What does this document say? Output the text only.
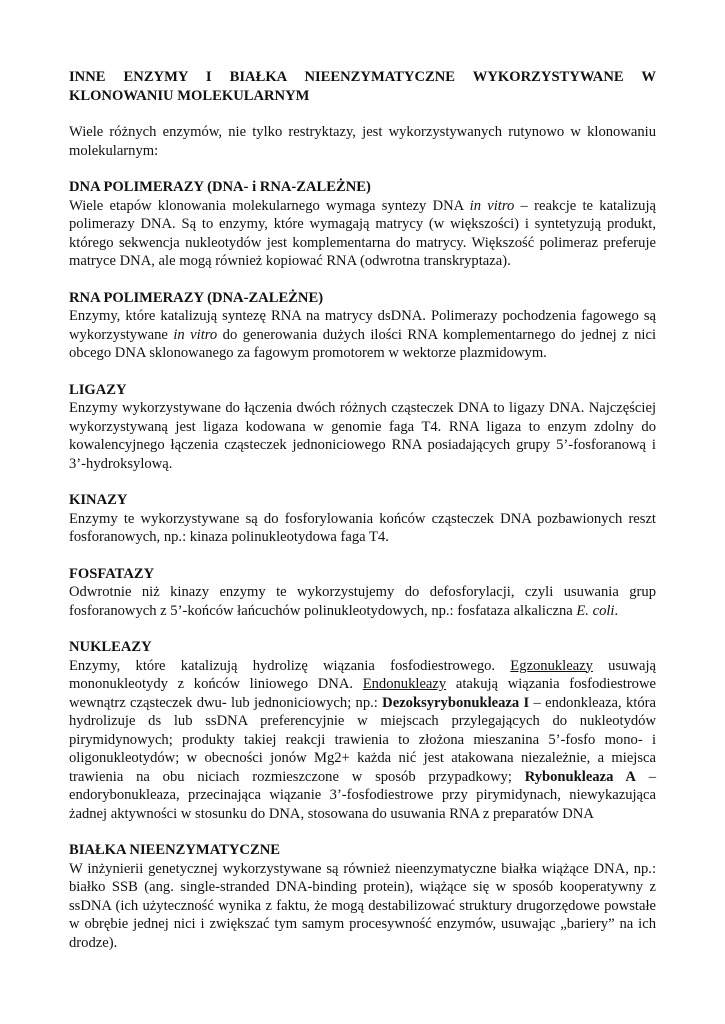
INNE ENZYMY I BIAŁKA NIEENZYMATYCZNE WYKORZYSTYWANE W KLONOWANIU MOLEKULARNYM

Wiele różnych enzymów, nie tylko restryktazy, jest wykorzystywanych rutynowo w klonowaniu molekularnym:

DNA POLIMERAZY (DNA- i RNA-ZALEŻNE)

Wiele etapów klonowania molekularnego wymaga syntezy DNA in vitro – reakcje te katalizują polimerazy DNA. Są to enzymy, które wymagają matrycy (w większości) i syntetyzują produkt, którego sekwencja nukleotydów jest komplementarna do matrycy. Większość polimeraz preferuje matryce DNA, ale mogą również kopiować RNA (odwrotna transkryptaza).

RNA POLIMERAZY (DNA-ZALEŻNE)

Enzymy, które katalizują syntezę RNA na matrycy dsDNA. Polimerazy pochodzenia fagowego są wykorzystywane in vitro do generowania dużych ilości RNA komplementarnego do jednej z nici obcego DNA sklonowanego za fagowym promotorem w wektorze plazmidowym.

LIGAZY

Enzymy wykorzystywane do łączenia dwóch różnych cząsteczek DNA to ligazy DNA. Najczęściej wykorzystywaną jest ligaza kodowana w genomie faga T4. RNA ligaza to enzym zdolny do kowalencyjnego łączenia cząsteczek jednoniciowego RNA posiadających grupy 5’-fosforanową i 3’-hydroksylową.

KINAZY

Enzymy te wykorzystywane są do fosforylowania końców cząsteczek DNA pozbawionych reszt fosforanowych, np.: kinaza polinukleotydowa faga T4.

FOSFATAZY

Odwrotnie niż kinazy enzymy te wykorzystujemy do defosforylacji, czyli usuwania grup fosforanowych z 5’-końców łańcuchów polinukleotydowych, np.: fosfataza alkaliczna E. coli.

NUKLEAZY

Enzymy, które katalizują hydrolizę wiązania fosfodiestrowego. Egzonukleazy usuwają mononukleotydy z końców liniowego DNA. Endonukleazy atakują wiązania fosfodiestrowe wewnątrz cząsteczek dwu- lub jednoniciowych; np.: Dezoksyrybonukleaza I – endonkleaza, która hydrolizuje ds lub ssDNA preferencyjnie w miejscach przylegających do nukleotydów pirymidynowych; produkty takiej reakcji trawienia to złożona mieszanina 5’-fosfo mono- i oligonukleotydów; w obecności jonów Mg2+ każda nić jest atakowana niezależnie, a miejsca trawienia na obu niciach rozmieszczone w sposób przypadkowy; Rybonukleaza A – endorybonukleaza, przecinająca wiązanie 3’-fosfodiestrowe przy pirymidynach, niewykazująca żadnej aktywności w stosunku do DNA, stosowana do usuwania RNA z preparatów DNA

BIAŁKA NIEENZYMATYCZNE

W inżynierii genetycznej wykorzystywane są również nieenzymatyczne białka wiążące DNA, np.: białko SSB (ang. single-stranded DNA-binding protein), wiążące się w sposób kooperatywny z ssDNA (ich użyteczność wynika z faktu, że mogą destabilizować struktury drugorzędowe powstałe w obrębie jednej nici i zwiększać tym samym procesywność enzymów, usuwając „bariery” na ich drodze).
